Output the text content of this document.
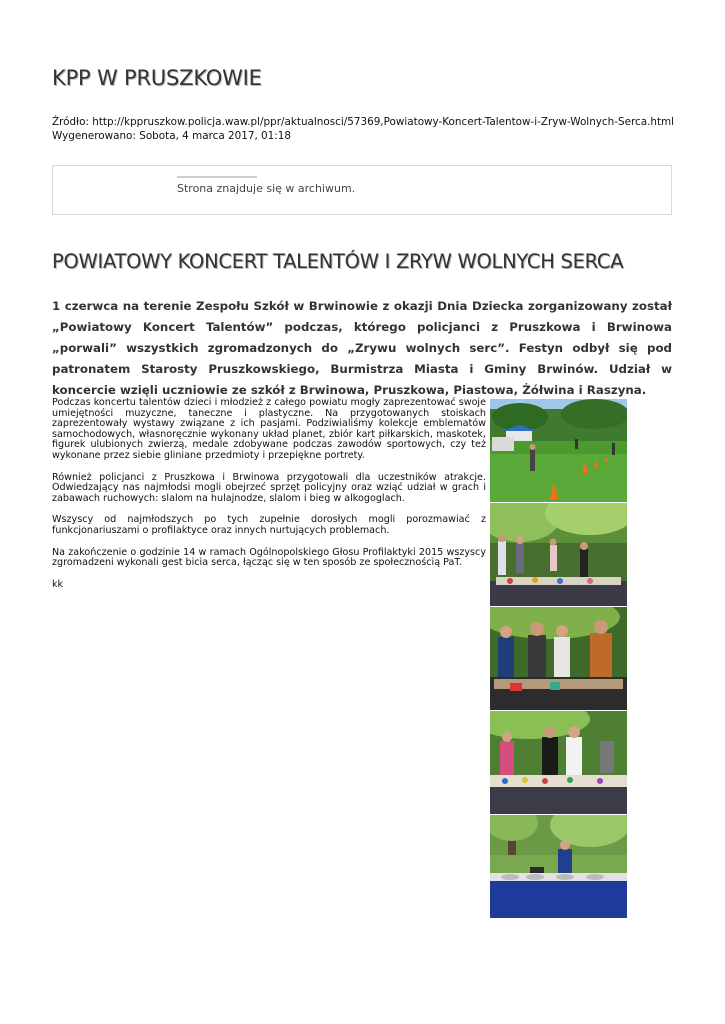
KPP W PRUSZKOWIE
Źródło: http://kppruszkow.policja.waw.pl/ppr/aktualnosci/57369,Powiatowy-Koncert-Talentow-i-Zryw-Wolnych-Serca.html
Wygenerowano: Sobota, 4 marca 2017, 01:18
Strona znajduje się w archiwum.
POWIATOWY KONCERT TALENTÓW I ZRYW WOLNYCH SERCA

1 czerwca na terenie Zespołu Szkół w Brwinowie z okazji Dnia Dziecka zorganizowany został „Powiatowy Koncert Talentów” podczas, którego policjanci z Pruszkowa i Brwinowa „porwali” wszystkich zgromadzonych do „Zrywu wolnych serc”. Festyn odbył się pod patronatem Starosty Pruszkowskiego, Burmistrza Miasta i Gminy Brwinów. Udział w koncercie wzięli uczniowie ze szkół z Brwinowa, Pruszkowa, Piastowa, Żółwina i Raszyna.

Podczas koncertu talentów dzieci i młodzież z całego powiatu mogły zaprezentować swoje umiejętności muzyczne, taneczne i plastyczne. Na przygotowanych stoiskach zaprezentowały wystawy związane z ich pasjami. Podziwialiśmy kolekcje emblematów samochodowych, własnoręcznie wykonany układ planet, zbiór kart piłkarskich, maskotek, figurek ulubionych zwierzą, medale zdobywane podczas zawodów sportowych, czy też wykonane przez siebie gliniane przedmioty i przepiękne portrety.

Również policjanci z Pruszkowa i Brwinowa przygotowali dla uczestników atrakcje. Odwiedzający nas najmłodsi mogli obejrzeć sprzęt policyjny oraz wziąć udział w grach i zabawach ruchowych: slalom na hulajnodze, slalom i bieg w alkogoglach.

Wszyscy od najmłodszych po tych zupełnie dorosłych mogli porozmawiać z funkcjonariuszami o profilaktyce oraz innych nurtujących problemach.

Na zakończenie o godzinie 14 w ramach Ogólnopolskiego Głosu Profilaktyki 2015 wszyscy zgromadzeni wykonali gest bicia serca, łącząc się w ten sposób ze społecznością PaT.

kk
